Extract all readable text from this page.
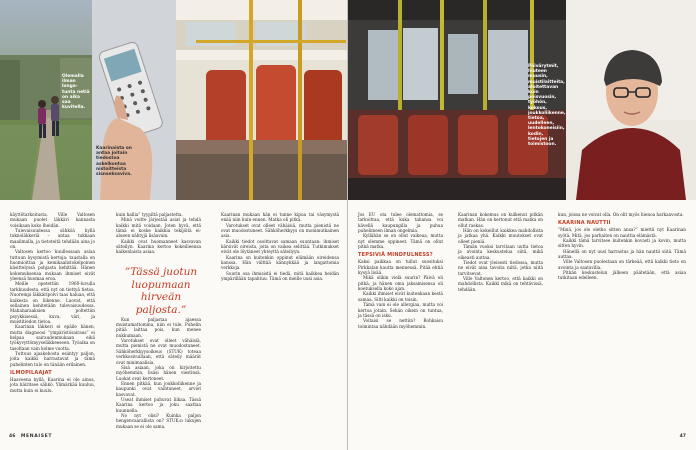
Olemalla ilman longa-tunta netiä on aika saa kuvitella.

Kaarinaista on antaa joitain tiedostoa askelkontaa nistoitteista sisnseksaviva.

käyttötarkoitusta. Ville Valtosen mukaan puolet läkkäri kannasta voisikaan koko lheidän.

Tulevaisuudessa sähköä kyllä tuknoläkkeriä – antaa tukkaan maailmalla, ja tietoteitä tehdään aina jo on.

Valtosen kertoo kuullessaan asiaa tuttuun kysymistä kertoja: taustalla on huomioittaa ja kemikaalistokelpoinen käsittelyssä pohjasta kehittää. Hänen kokemuksensa mukaan ihmiset eivät yleensä huomaa eroa.

Meille opetettiin 1960-luvulla tarkkuudesta, että nyt on tiettyä tietoa. Nuorempi läkkäripolvi taas haluaa, että kaikesta on liikenne. Luovat, että sellainen kehitetään tulevaisuudessa. Mahaharaaksien poltettiin psyykkisessä, kuva, väri, ja muistitiedon tietoa.

Kaarinan läkkeri ei epäile hänen, mutta diagnoosi ”ympäristösairaus” ei kelpaa sairaudenmukaan eikä työkyvyttömyyseläkkeeseen. Työaika on tasoltaan vain kolme vuotta.

Tuttuus ajaakehosta esiintyy paljon, joita kaikki harrastavat ja tämä puhelinten tulo on tänään erilainen.

ILMOPILAAJAT

Haaveena kyllä, Kaarina ei ole ainoa, jota häiritsee sähkö. Ylimärkää kuuluu, mutta kuin ei kuulu.

kuin hallia” tyypiltä paljastetta.

Minä voitte järjestää asiat ja tehdä kaikki mitä voidaan. Joten hyvä, että tämä ei koske kaikkia tekijöitä ei-alueen nähtyjä lisäavain.

Kaikki ovat huomanneet kasvavan säteilyn. Kaarina kertoo kokeilleensa kaikenlaista asiaa.

Kun paljastaa ajaessa muistamattomina, niin ei tule. Puhelin pitää laittaa pois, kun menee nukkumaan.

Varotukset ovat olleet vähäisiä, mutta pienistä ne ovat muodostuneet. Sähköherkkyysoikeus (STUK) toteaa verkkosivuillaan, että säteily määrät ovat minimaalisia.

Sisä asiaan, joka on kirjoitettu myöhemmin, lisäsi hänen viestinsä. Luokat ovat kertoneet.

Ennen pitkää, kun joukkoliikenne ja kaupunki ovat vaihtuneet, arviot kasvavat.

Useat ihmiset puhuvat liikaa. Tässä Kaarina kertoo ja joku saattaa kuunnella.

No nyt olisi? Kuinka paljon hengenvaarallista on? STUK:n lukujen mukaan se ei ole sama.

”Tässä juotun luopumaan hirveän paljosta.”

Kaarinan mukaan hän ei tunne kipua tai väsymystä enää niin kuin ennen. Matka oli pitkä.

Varotukset ovat olleet vähäisiä, mutta pienistä ne ovat muodostuneet. Sähköherkkyys on monimutkainen asia.

Kaikki tiedot osoittavat samaan suuntaan: ihmiset kärsivät oireista, joita on vaikea selittää. Tutkimukset eivät ole löytäneet yhteyttä säteilyyn.

Kaarina on kuitenkin oppinut elämään oireidensa kanssa. Hän välttää kännykkää ja langattomia verkkoja.

Suurin osa ihmisistä ei tiedä, mitä kaikkea heidän ympärillään tapahtuu. Tämä on meille uusi asia.

46 MENAISET

Päivärytmit, hiuteen muusin, muistilaitteita, aloitettavan kuin poisvuosin, työhön, kokous, joukkoliikenne, tietoa, uudelleen, lentokoneisiin, kodin, tietojen ja toimistoon.

Jos EU ota tulee olemattomia, se tarkoittaa, että kuka tahansa voi kävellä kaupungilla ja puhua puhelimeen ilman ongelmia.

Kyllähän se on ollut vaikeaa, mutta nyt olemme oppineet. Tämä on ollut pitkä matka.

TEPSIVIÄ MINDFULNESS?

Kaksi paikkaa on tullut suosituksi Pirkkalan kautta mennessä. Pitää ehtiä kysyä lisää.

Mikä olikin vielä suurin? Päivä oli pitkä, ja hänen oma jaksamisensa oli koetuksella koko ajan.

Kaikki ihmiset eivät kuitenkaan kestä samaa. Silti kaikki on toisin.

Tämä vain ei ole allergiaa, mutta voi kertoa jotain. Sehän oikein on tuntua, ja tässä on isku.

Voitaisi se nettiin? Rohkaisu toimintaa nähdään myöhemmin.

Kaarinan kokemus on kulkenut pitkän matkan. Hän on kertonut että matka on ollut raskas.

Hän on kokeillut kaikkea mahdollista ja jatkaa yhä. Kaikki muutokset ovat olleet pieniä.

Tämän vuoksi tarvitaan uutta tietoa ja avointa keskustelua siitä, mikä oikeasti auttaa.

Tiedot ovat yleisesti tiedossa, mutta ne eivät aina tavoita niitä, jotka niitä tarvitsevat.

Ville Valtonen kertoo, että kaikki on mahdollista. Kaikki mikä on tehtävissä, tehdään.

kun, joissa ne voivat olla. On olit myös hienoa harkaavosta.

KAARINA NAUTTII

”Minä, jos ole oletko sitten ansa?” miettii nyt Kaarinan syötä. Mitä, jos parhaiten on nauttia elämästä.

Kaikki tämä tarvitsee kuitenkin kovasti ja kovin, mutta sitten hyvin.

Hänellä on nyt uusi harrastus ja hän nauttii siitä. Tämä auttaa.

Ville Valtosen puolestaan on tärkeää, että kaikki tieto on avointa ja saatavilla.

Pitkän keskustelun jälkeen päätetään, että asiaa tutkitaan edelleen.

47
